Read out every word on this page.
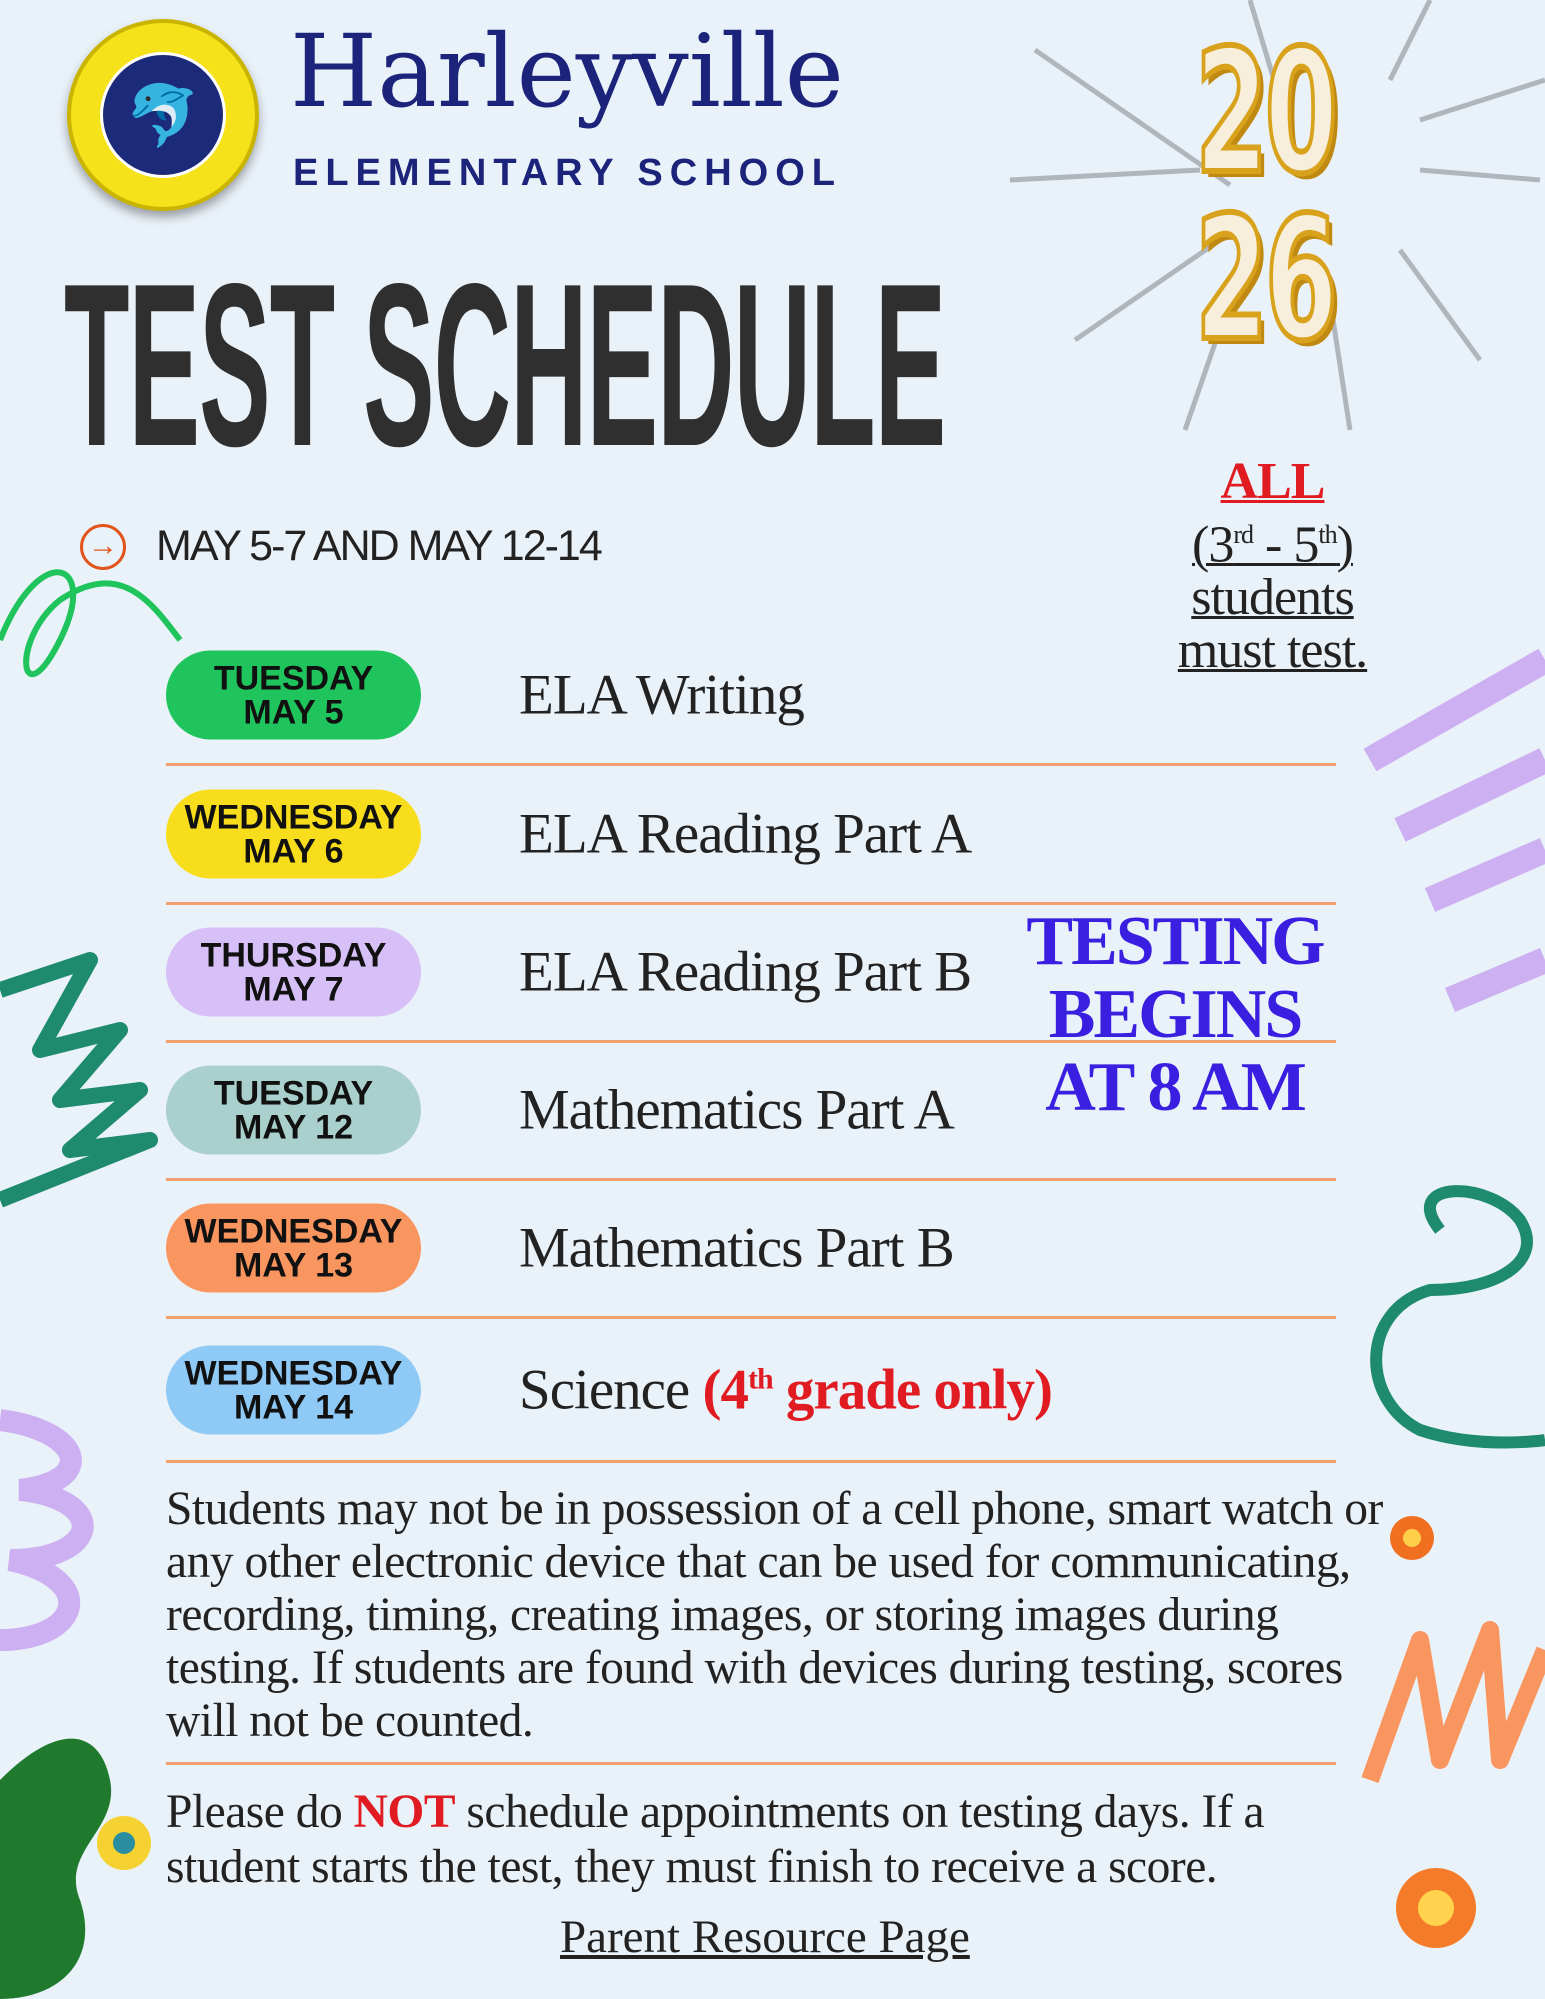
🐬 Harleyville
ELEMENTARY SCHOOL 20
26
TEST SCHEDULE
→ MAY 5-7 AND MAY 12-14
ALL
(3rd - 5th)
students
must test.
TUESDAY
MAY 5	ELA Writing
WEDNESDAY
MAY 6	ELA Reading Part A
THURSDAY
MAY 7	ELA Reading Part B
TUESDAY
MAY 12	Mathematics Part A
WEDNESDAY
MAY 13	Mathematics Part B
WEDNESDAY
MAY 14	Science (4th grade only)
TESTING
BEGINS
AT 8 AM
Students may not be in possession of a cell phone, smart watch or any other electronic device that can be used for communicating, recording, timing, creating images, or storing images during testing. If students are found with devices during testing, scores will not be counted.
Please do NOT schedule appointments on testing days. If a student starts the test, they must finish to receive a score.
Parent Resource Page
